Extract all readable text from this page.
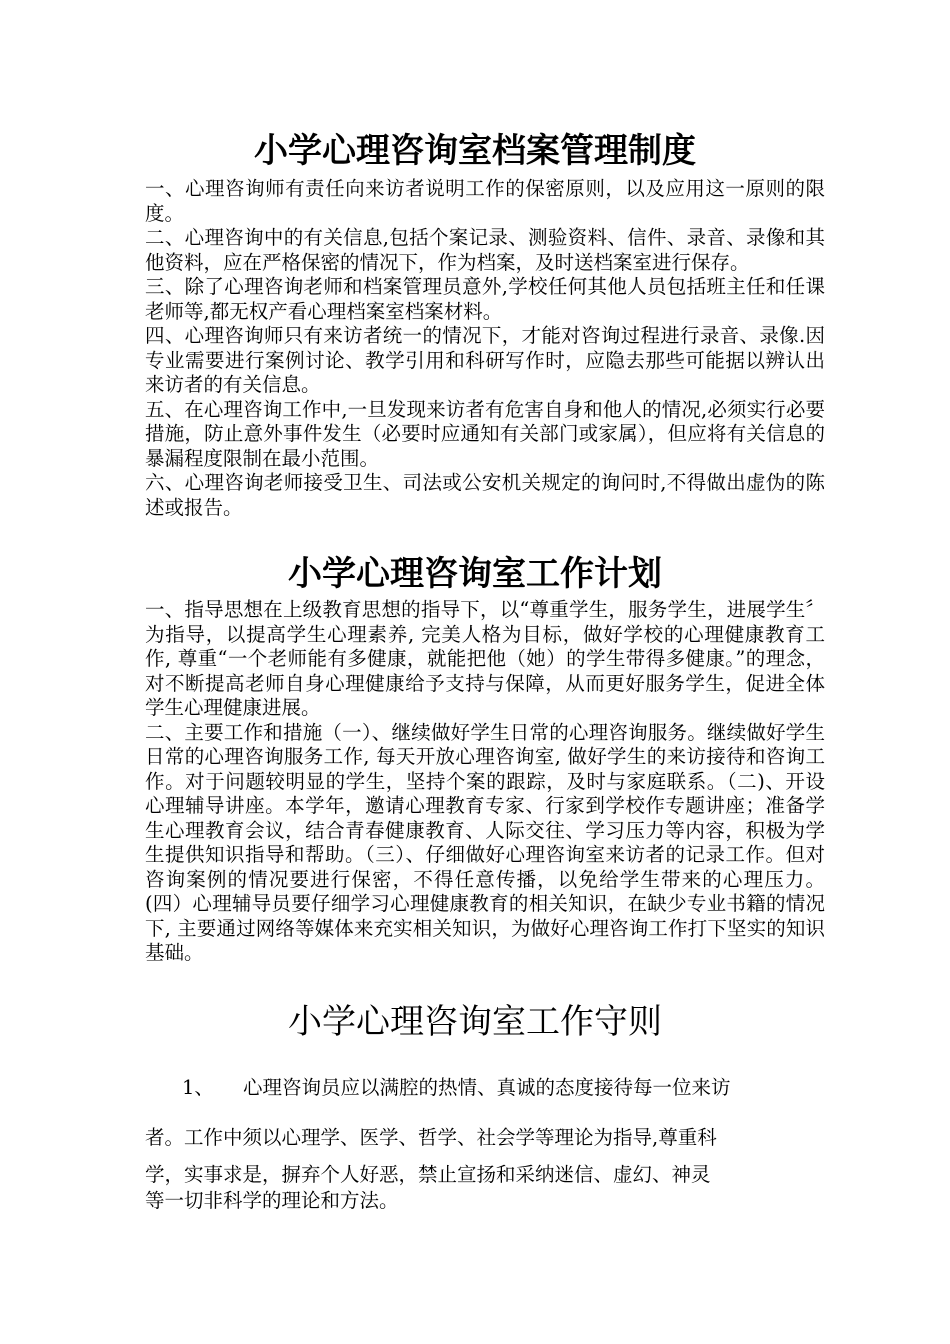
小学心理咨询室档案管理制度

一、心理咨询师有责任向来访者说明工作的保密原则，以及应用这一原则的限度。

二、心理咨询中的有关信息,包括个案记录、测验资料、信件、录音、录像和其他资料，应在严格保密的情况下，作为档案，及时送档案室进行保存。

三、除了心理咨询老师和档案管理员意外,学校任何其他人员包括班主任和任课老师等,都无权产看心理档案室档案材料。

四、心理咨询师只有来访者统一的情况下，才能对咨询过程进行录音、录像.因专业需要进行案例讨论、教学引用和科研写作时，应隐去那些可能据以辨认出来访者的有关信息。

五、在心理咨询工作中,一旦发现来访者有危害自身和他人的情况,必须实行必要措施，防止意外事件发生（必要时应通知有关部门或家属），但应将有关信息的暴漏程度限制在最小范围。

六、心理咨询老师接受卫生、司法或公安机关规定的询问时,不得做出虚伪的陈述或报告。

小学心理咨询室工作计划

一、指导思想在上级教育思想的指导下，以“尊重学生，服务学生，进展学生〞为指导，以提高学生心理素养, 完美人格为目标，做好学校的心理健康教育工作, 尊重“一个老师能有多健康，就能把他（她）的学生带得多健康。”的理念，对不断提高老师自身心理健康给予支持与保障，从而更好服务学生，促进全体学生心理健康进展。

二、主要工作和措施（一）、继续做好学生日常的心理咨询服务。继续做好学生日常的心理咨询服务工作, 每天开放心理咨询室, 做好学生的来访接待和咨询工作。对于问题较明显的学生，坚持个案的跟踪，及时与家庭联系。（二)、开设心理辅导讲座。本学年，邀请心理教育专家、行家到学校作专题讲座；准备学生心理教育会议，结合青春健康教育、人际交往、学习压力等内容，积极为学生提供知识指导和帮助。（三）、仔细做好心理咨询室来访者的记录工作。但对咨询案例的情况要进行保密，不得任意传播，以免给学生带来的心理压力。(四）心理辅导员要仔细学习心理健康教育的相关知识，在缺少专业书籍的情况下, 主要通过网络等媒体来充实相关知识，为做好心理咨询工作打下坚实的知识基础。

小学心理咨询室工作守则

1、 心理咨询员应以满腔的热情、真诚的态度接待每一位来访

者。工作中须以心理学、医学、哲学、社会学等理论为指导,尊重科

学，实事求是，摒弃个人好恶，禁止宣扬和采纳迷信、虚幻、神灵
等一切非科学的理论和方法。
